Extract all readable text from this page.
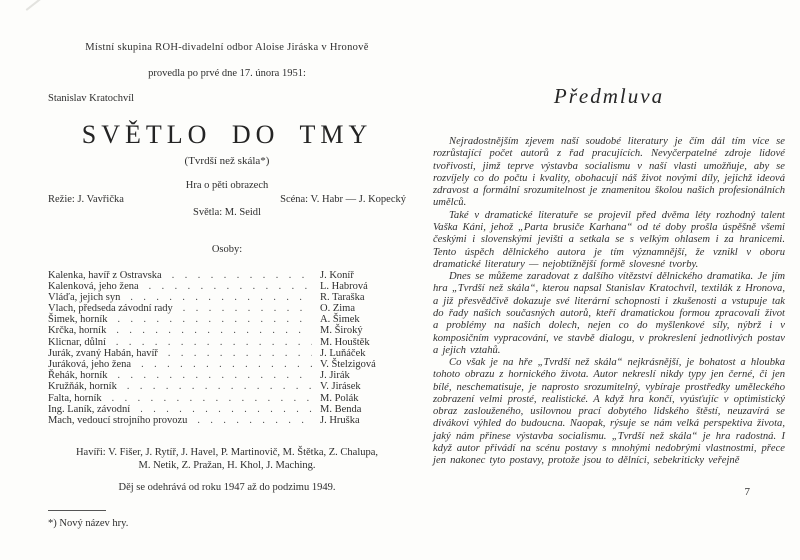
Místní skupina ROH-divadelní odbor Aloise Jiráska v Hronově
provedla po prvé dne 17. února 1951:
Stanislav Kratochvíl
SVĚTLO DO TMY
(Tvrdší než skála*)
Hra o pěti obrazech
Režie: J. Vavřička	Scéna: V. Habr — J. Kopecký
Světla: M. Seidl
Osoby:
Kalenka, havíř z Ostravska . . .	J. Koníř
Kalenková, jeho žena . . .	L. Habrová
Vláďa, jejich syn . . .	R. Taraška
Vlach, předseda závodní rady . . .	O. Zima
Šimek, horník . . .	A. Šimek
Krčka, horník . . .	M. Široký
Klicnar, důlní . . .	M. Houštěk
Jurák, zvaný Habán, havíř . . .	J. Luňáček
Juráková, jeho žena . . .	V. Štelzigová
Řehák, horník . . .	J. Jirák
Kružňák, horník . . .	V. Jirásek
Falta, horník . . .	M. Polák
Ing. Laník, závodní . . .	M. Benda
Mach, vedoucí strojního provozu . . .	J. Hruška
Havíři: V. Fišer, J. Rytíř, J. Havel, P. Martinovič, M. Štětka, Z. Chalupa,
M. Netik, Z. Pražan, H. Khol, J. Maching.
Děj se odehrává od roku 1947 až do podzimu 1949.
*) Nový název hry.
Předmluva

Nejradostnějším zjevem naší soudobé literatury je čím dál tím více se rozrůstající počet autorů z řad pracujících. Nevyčerpatelné zdroje lidové tvořivosti, jimž teprve výstavba socialismu v naší vlasti umožňuje, aby se rozvíjely co do počtu i kvality, obohacují náš život novými díly, jejichž ideová zdravost a formální srozumitelnost je znamenitou školou našich profesionálních umělců.

Také v dramatické literatuře se projevil před dvěma léty rozhodný talent Vaška Káni, jehož „Parta brusiče Karhana“ od té doby prošla úspěšně všemi českými i slovenskými jevišti a setkala se s velkým ohlasem i za hranicemi. Tento úspěch dělnického autora je tím významnější, že vznikl v oboru dramatické literatury — nejobtížnější formě slovesné tvorby.

Dnes se můžeme zaradovat z dalšího vítězství dělnického dramatika. Je jím hra „Tvrdší než skála“, kterou napsal Stanislav Kratochvíl, textilák z Hronova, a již přesvědčivě dokazuje své literární schopnosti i zkušenosti a vstupuje tak do řady našich současných autorů, kteří dramatickou formou zpracovali život a problémy na našich dolech, nejen co do myšlenkové síly, nýbrž i v komposičním vypracování, ve stavbě dialogu, v prokreslení jednotlivých postav a jejich vztahů.

Co však je na hře „Tvrdší než skála“ nejkrásnější, je bohatost a hloubka tohoto obrazu z hornického života. Autor nekreslí nikdy typy jen černé, či jen bílé, neschematisuje, je naprosto srozumitelný, vybíraje prostředky uměleckého zobrazení velmi prosté, realistické. A když hra končí, vyúsťujíc v optimistický obraz zaslouženého, usilovnou prací dobytého lidského štěstí, neuzavírá se divákovi výhled do budoucna. Naopak, rýsuje se nám velká perspektiva života, jaký nám přinese výstavba socialismu. „Tvrdší než skála“ je hra radostná. I když autor přivádí na scénu postavy s mnohými nedobrými vlastnostmi, přece jen nakonec tyto postavy, protože jsou to dělníci, sebekriticky veřejně

7
